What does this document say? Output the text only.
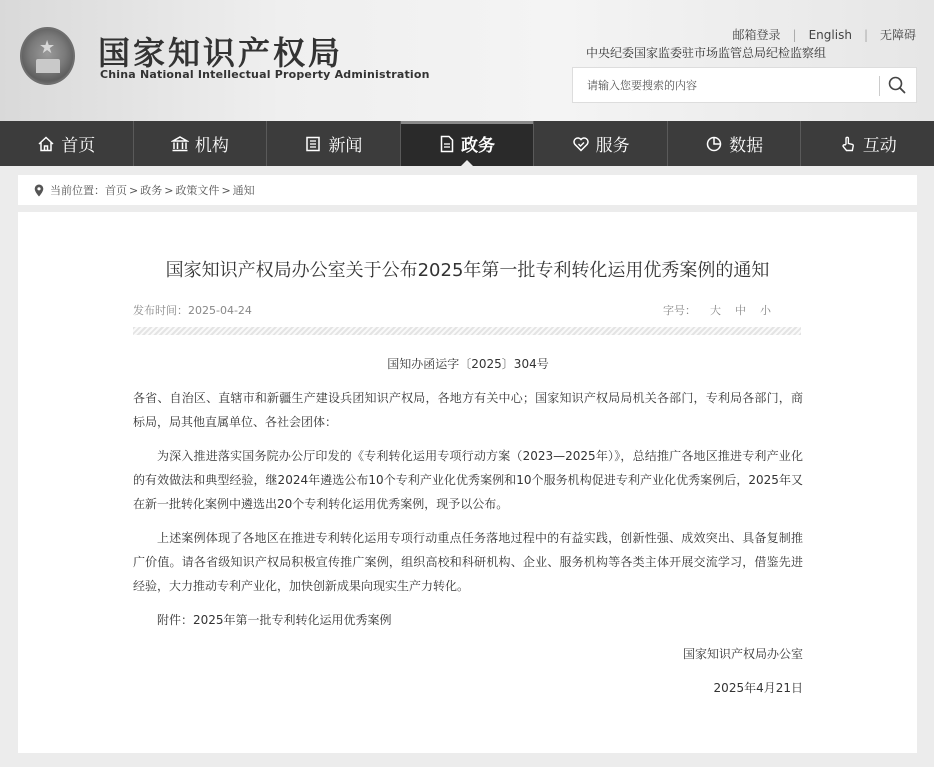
★ 国家知识产权局
China National Intellectual Property Administration
邮箱登录	|	English	|	无障碍
中央纪委国家监委驻市场监管总局纪检监察组
请输入您要搜索的内容
首页	机构	新闻	政务	服务	数据	互动
当前位置： 首页 > 政务 > 政策文件 > 通知
国家知识产权局办公室关于公布2025年第一批专利转化运用优秀案例的通知
发布时间：2025-04-24	字号： 大 中 小

国知办函运字〔2025〕304号

各省、自治区、直辖市和新疆生产建设兵团知识产权局，各地方有关中心；国家知识产权局局机关各部门，专利局各部门，商标局，局其他直属单位、各社会团体：

为深入推进落实国务院办公厅印发的《专利转化运用专项行动方案（2023—2025年）》，总结推广各地区推进专利产业化的有效做法和典型经验，继2024年遴选公布10个专利产业化优秀案例和10个服务机构促进专利产业化优秀案例后，2025年又在新一批转化案例中遴选出20个专利转化运用优秀案例，现予以公布。

上述案例体现了各地区在推进专利转化运用专项行动重点任务落地过程中的有益实践，创新性强、成效突出、具备复制推广价值。请各省级知识产权局积极宣传推广案例，组织高校和科研机构、企业、服务机构等各类主体开展交流学习，借鉴先进经验，大力推动专利产业化，加快创新成果向现实生产力转化。

附件：2025年第一批专利转化运用优秀案例

国家知识产权局办公室

2025年4月21日
